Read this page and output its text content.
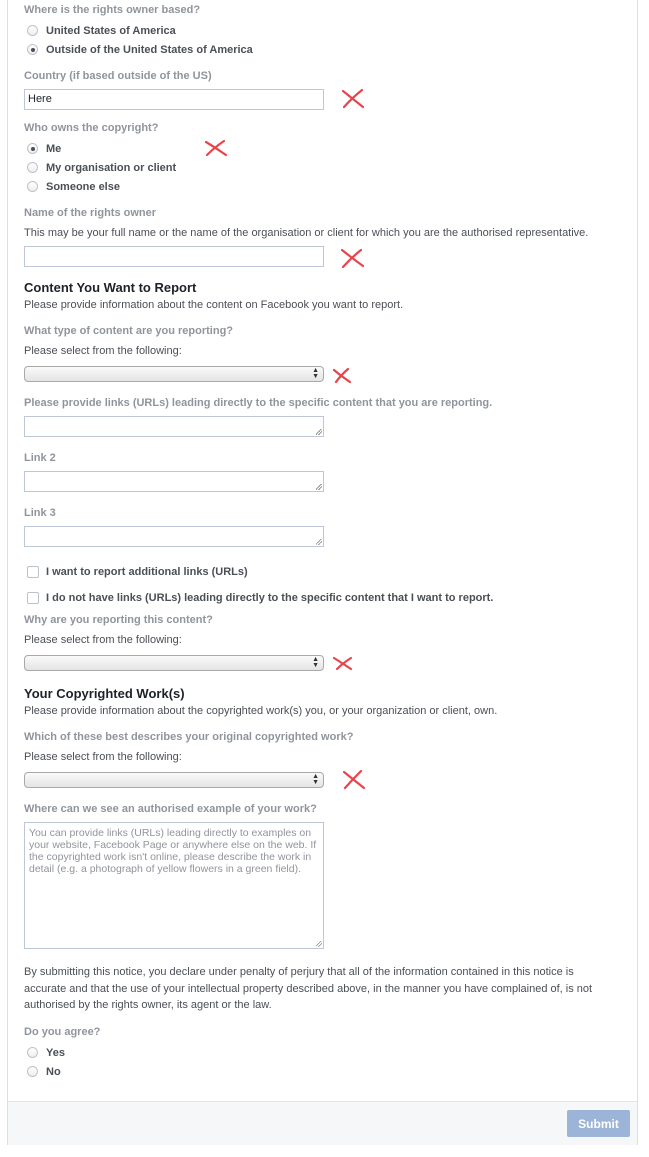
Where is the rights owner based?
United States of America
Outside of the United States of America
Country (if based outside of the US)
Here
Who owns the copyright?
Me
My organisation or client
Someone else
Name of the rights owner
This may be your full name or the name of the organisation or client for which you are the authorised representative.
Content You Want to Report
Please provide information about the content on Facebook you want to report.
What type of content are you reporting?
Please select from the following:
▲
▼
Please provide links (URLs) leading directly to the specific content that you are reporting.
Link 2
Link 3
I want to report additional links (URLs)
I do not have links (URLs) leading directly to the specific content that I want to report.
Why are you reporting this content?
Please select from the following:
▲
▼
Your Copyrighted Work(s)
Please provide information about the copyrighted work(s) you, or your organization or client, own.
Which of these best describes your original copyrighted work?
Please select from the following:
▲
▼
Where can we see an authorised example of your work?
You can provide links (URLs) leading directly to examples on your website, Facebook Page or anywhere else on the web. If the copyrighted work isn't online, please describe the work in detail (e.g. a photograph of yellow flowers in a green field).
By submitting this notice, you declare under penalty of perjury that all of the information contained in this notice is accurate and that the use of your intellectual property described above, in the manner you have complained of, is not authorised by the rights owner, its agent or the law.
Do you agree?
Yes
No
Submit
